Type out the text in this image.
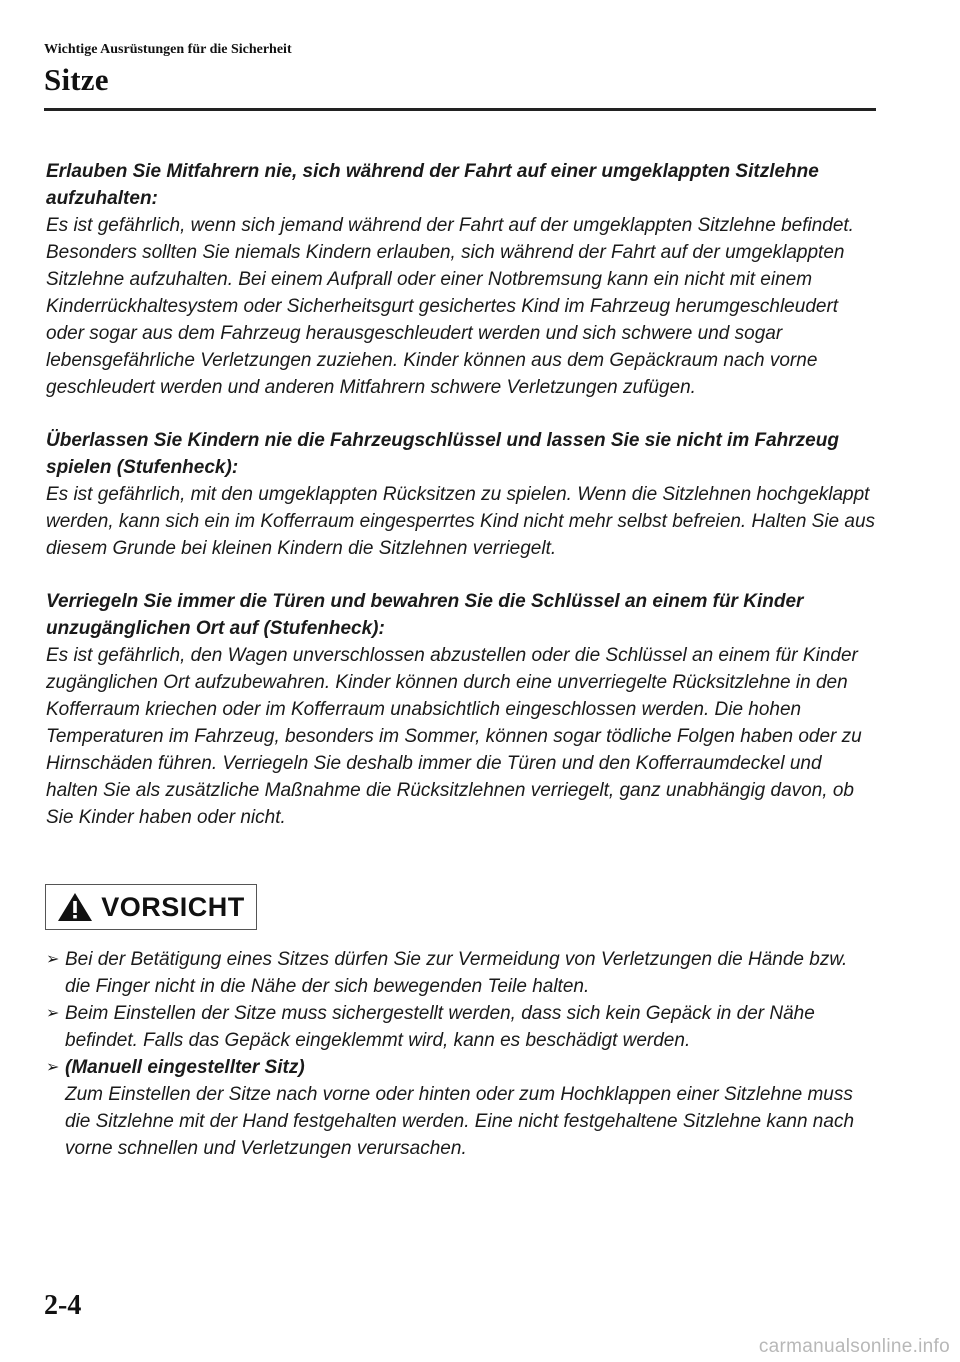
Wichtige Ausrüstungen für die Sicherheit
Sitze
Erlauben Sie Mitfahrern nie, sich während der Fahrt auf einer umgeklappten Sitzlehne aufzuhalten:

Es ist gefährlich, wenn sich jemand während der Fahrt auf der umgeklappten Sitzlehne befindet. Besonders sollten Sie niemals Kindern erlauben, sich während der Fahrt auf der umgeklappten Sitzlehne aufzuhalten. Bei einem Aufprall oder einer Notbremsung kann ein nicht mit einem Kinderrückhaltesystem oder Sicherheitsgurt gesichertes Kind im Fahrzeug herumgeschleudert oder sogar aus dem Fahrzeug herausgeschleudert werden und sich schwere und sogar lebensgefährliche Verletzungen zuziehen. Kinder können aus dem Gepäckraum nach vorne geschleudert werden und anderen Mitfahrern schwere Verletzungen zufügen.

Überlassen Sie Kindern nie die Fahrzeugschlüssel und lassen Sie sie nicht im Fahrzeug spielen (Stufenheck):

Es ist gefährlich, mit den umgeklappten Rücksitzen zu spielen. Wenn die Sitzlehnen hochgeklappt werden, kann sich ein im Kofferraum eingesperrtes Kind nicht mehr selbst befreien. Halten Sie aus diesem Grunde bei kleinen Kindern die Sitzlehnen verriegelt.

Verriegeln Sie immer die Türen und bewahren Sie die Schlüssel an einem für Kinder unzugänglichen Ort auf (Stufenheck):

Es ist gefährlich, den Wagen unverschlossen abzustellen oder die Schlüssel an einem für Kinder zugänglichen Ort aufzubewahren. Kinder können durch eine unverriegelte Rücksitzlehne in den Kofferraum kriechen oder im Kofferraum unabsichtlich eingeschlossen werden. Die hohen Temperaturen im Fahrzeug, besonders im Sommer, können sogar tödliche Folgen haben oder zu Hirnschäden führen. Verriegeln Sie deshalb immer die Türen und den Kofferraumdeckel und halten Sie als zusätzliche Maßnahme die Rücksitzlehnen verriegelt, ganz unabhängig davon, ob Sie Kinder haben oder nicht.

VORSICHT
➢ Bei der Betätigung eines Sitzes dürfen Sie zur Vermeidung von Verletzungen die Hände bzw. die Finger nicht in die Nähe der sich bewegenden Teile halten.
➢ Beim Einstellen der Sitze muss sichergestellt werden, dass sich kein Gepäck in der Nähe befindet. Falls das Gepäck eingeklemmt wird, kann es beschädigt werden.
➢ (Manuell eingestellter Sitz)
Zum Einstellen der Sitze nach vorne oder hinten oder zum Hochklappen einer Sitzlehne muss die Sitzlehne mit der Hand festgehalten werden. Eine nicht festgehaltene Sitzlehne kann nach vorne schnellen und Verletzungen verursachen.
2-4
carmanualsonline.info
